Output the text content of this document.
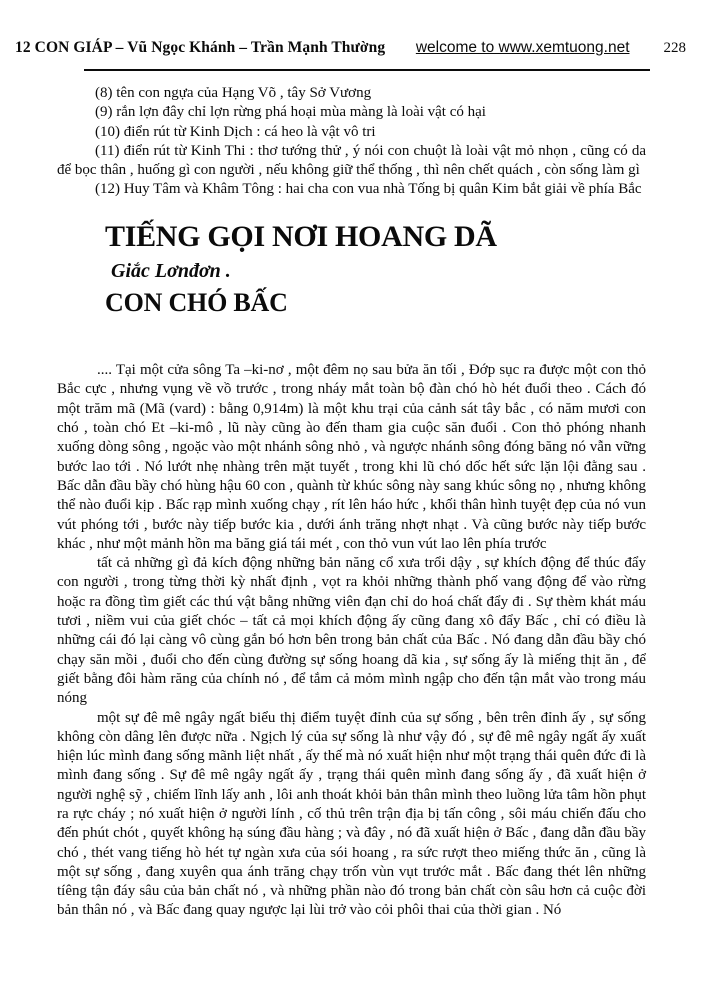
12 CON GIÁP – Vũ Ngọc Khánh – Trần Mạnh Thường welcome to www.xemtuong.net 228

(8) tên con ngựa của Hạng Võ , tây Sở Vương

(9) rắn lợn đây chỉ lợn rừng phá hoại mùa màng là loài vật có hại

(10) điển rút từ Kinh Dịch : cá heo là vật vô tri

(11) điển rút từ Kinh Thi : thơ tướng thử , ý nói con chuột là loài vật mỏ nhọn , cũng có da để bọc thân , huống gì con người , nếu không giữ thể thống , thì nên chết quách , còn sống làm gì

(12) Huy Tâm và Khâm Tông : hai cha con vua nhà Tống bị quân Kim bắt giải về phía Bắc

TIẾNG GỌI NƠI HOANG DÃ
Giắc Lơnđơn .
CON CHÓ BẤC

.... Tại một cửa sông Ta –ki-nơ , một đêm nọ sau bửa ăn tối , Đớp sục ra được một con thỏ Bắc cực , nhưng vụng về vồ trước , trong nháy mắt toàn bộ đàn chó hò hét đuổi theo . Cách đó một trăm mã (Mã (vard) : bằng 0,914m) là một khu trại của cảnh sát tây bắc , có năm mươi con chó , toàn chó Et –ki-mô , lũ này cũng ào đến tham gia cuộc săn đuổi . Con thỏ phóng nhanh xuống dòng sông , ngoặc vào một nhánh sông nhỏ , và ngược nhánh sông đóng băng nó vẫn vững bước lao tới . Nó lướt nhẹ nhàng trên mặt tuyết , trong khi lũ chó dốc hết sức lặn lội đằng sau . Bấc dẫn đầu bầy chó hùng hậu 60 con , quành từ khúc sông này sang khúc sông nọ , nhưng không thể nào đuổi kịp . Bấc rạp mình xuống chạy , rít lên háo hức , khối thân hình tuyệt đẹp của nó vun vút phóng tới , bước này tiếp bước kia , dưới ánh trăng nhợt nhạt . Và cũng bước này tiếp bước khác , như một mảnh hồn ma băng giá tái mét , con thỏ vun vút lao lên phía trước

tất cả những gì đả kích động những bản năng cổ xưa trổi dậy , sự khích động để thúc đẩy con người , trong từng thời kỳ nhất định , vọt ra khỏi những thành phố vang động để vào rừng hoặc ra đồng tìm giết các thú vật bằng những viên đạn chỉ do hoá chất đẩy đi . Sự thèm khát máu tươi , niềm vui của giết chóc – tất cả mọi khích động ấy cũng đang xô đẩy Bấc , chỉ có điều là những cái đó lại càng vô cùng gắn bó hơn bên trong bản chất của Bấc . Nó đang dẫn đầu bầy chó chạy săn mồi , đuổi cho đến cùng đường sự sống hoang dã kia , sự sống ấy là miếng thịt ăn , để giết bằng đôi hàm răng của chính nó , để tắm cả mỏm mình ngập cho đến tận mắt vào trong máu nóng

một sự đê mê ngây ngất biểu thị điểm tuyệt đỉnh của sự sống , bên trên đỉnh ấy , sự sống không còn dâng lên được nữa . Ngịch lý của sự sống là như vậy đó , sự đê mê ngây ngất ấy xuất hiện lúc mình đang sống mãnh liệt nhất , ấy thế mà nó xuất hiện như một trạng thái quên đức đi là mình đang sống . Sự đê mê ngây ngất ấy , trạng thái quên mình đang sống ấy , đã xuất hiện ở người nghệ sỹ , chiếm lĩnh lấy anh , lôi anh thoát khỏi bản thân mình theo luồng lửa tâm hồn phụt ra rực cháy ; nó xuất hiện ở người lính , cố thủ trên trận địa bị tấn công , sôi máu chiến đấu cho đến phút chót , quyết không hạ súng đầu hàng ; và đây , nó đã xuất hiện ở Bấc , đang dẫn đầu bầy chó , thét vang tiếng hò hét tự ngàn xưa của sói hoang , ra sức rượt theo miếng thức ăn , cũng là một sự sống , đang xuyên qua ánh trăng chạy trốn vùn vụt trước mắt . Bấc đang thét lên những tíêng tận đáy sâu của bản chất nó , và những phần nào đó trong bản chất còn sâu hơn cả cuộc đời bản thân nó , và Bấc đang quay ngược lại lùi trở vào cỏi phôi thai của thời gian . Nó
